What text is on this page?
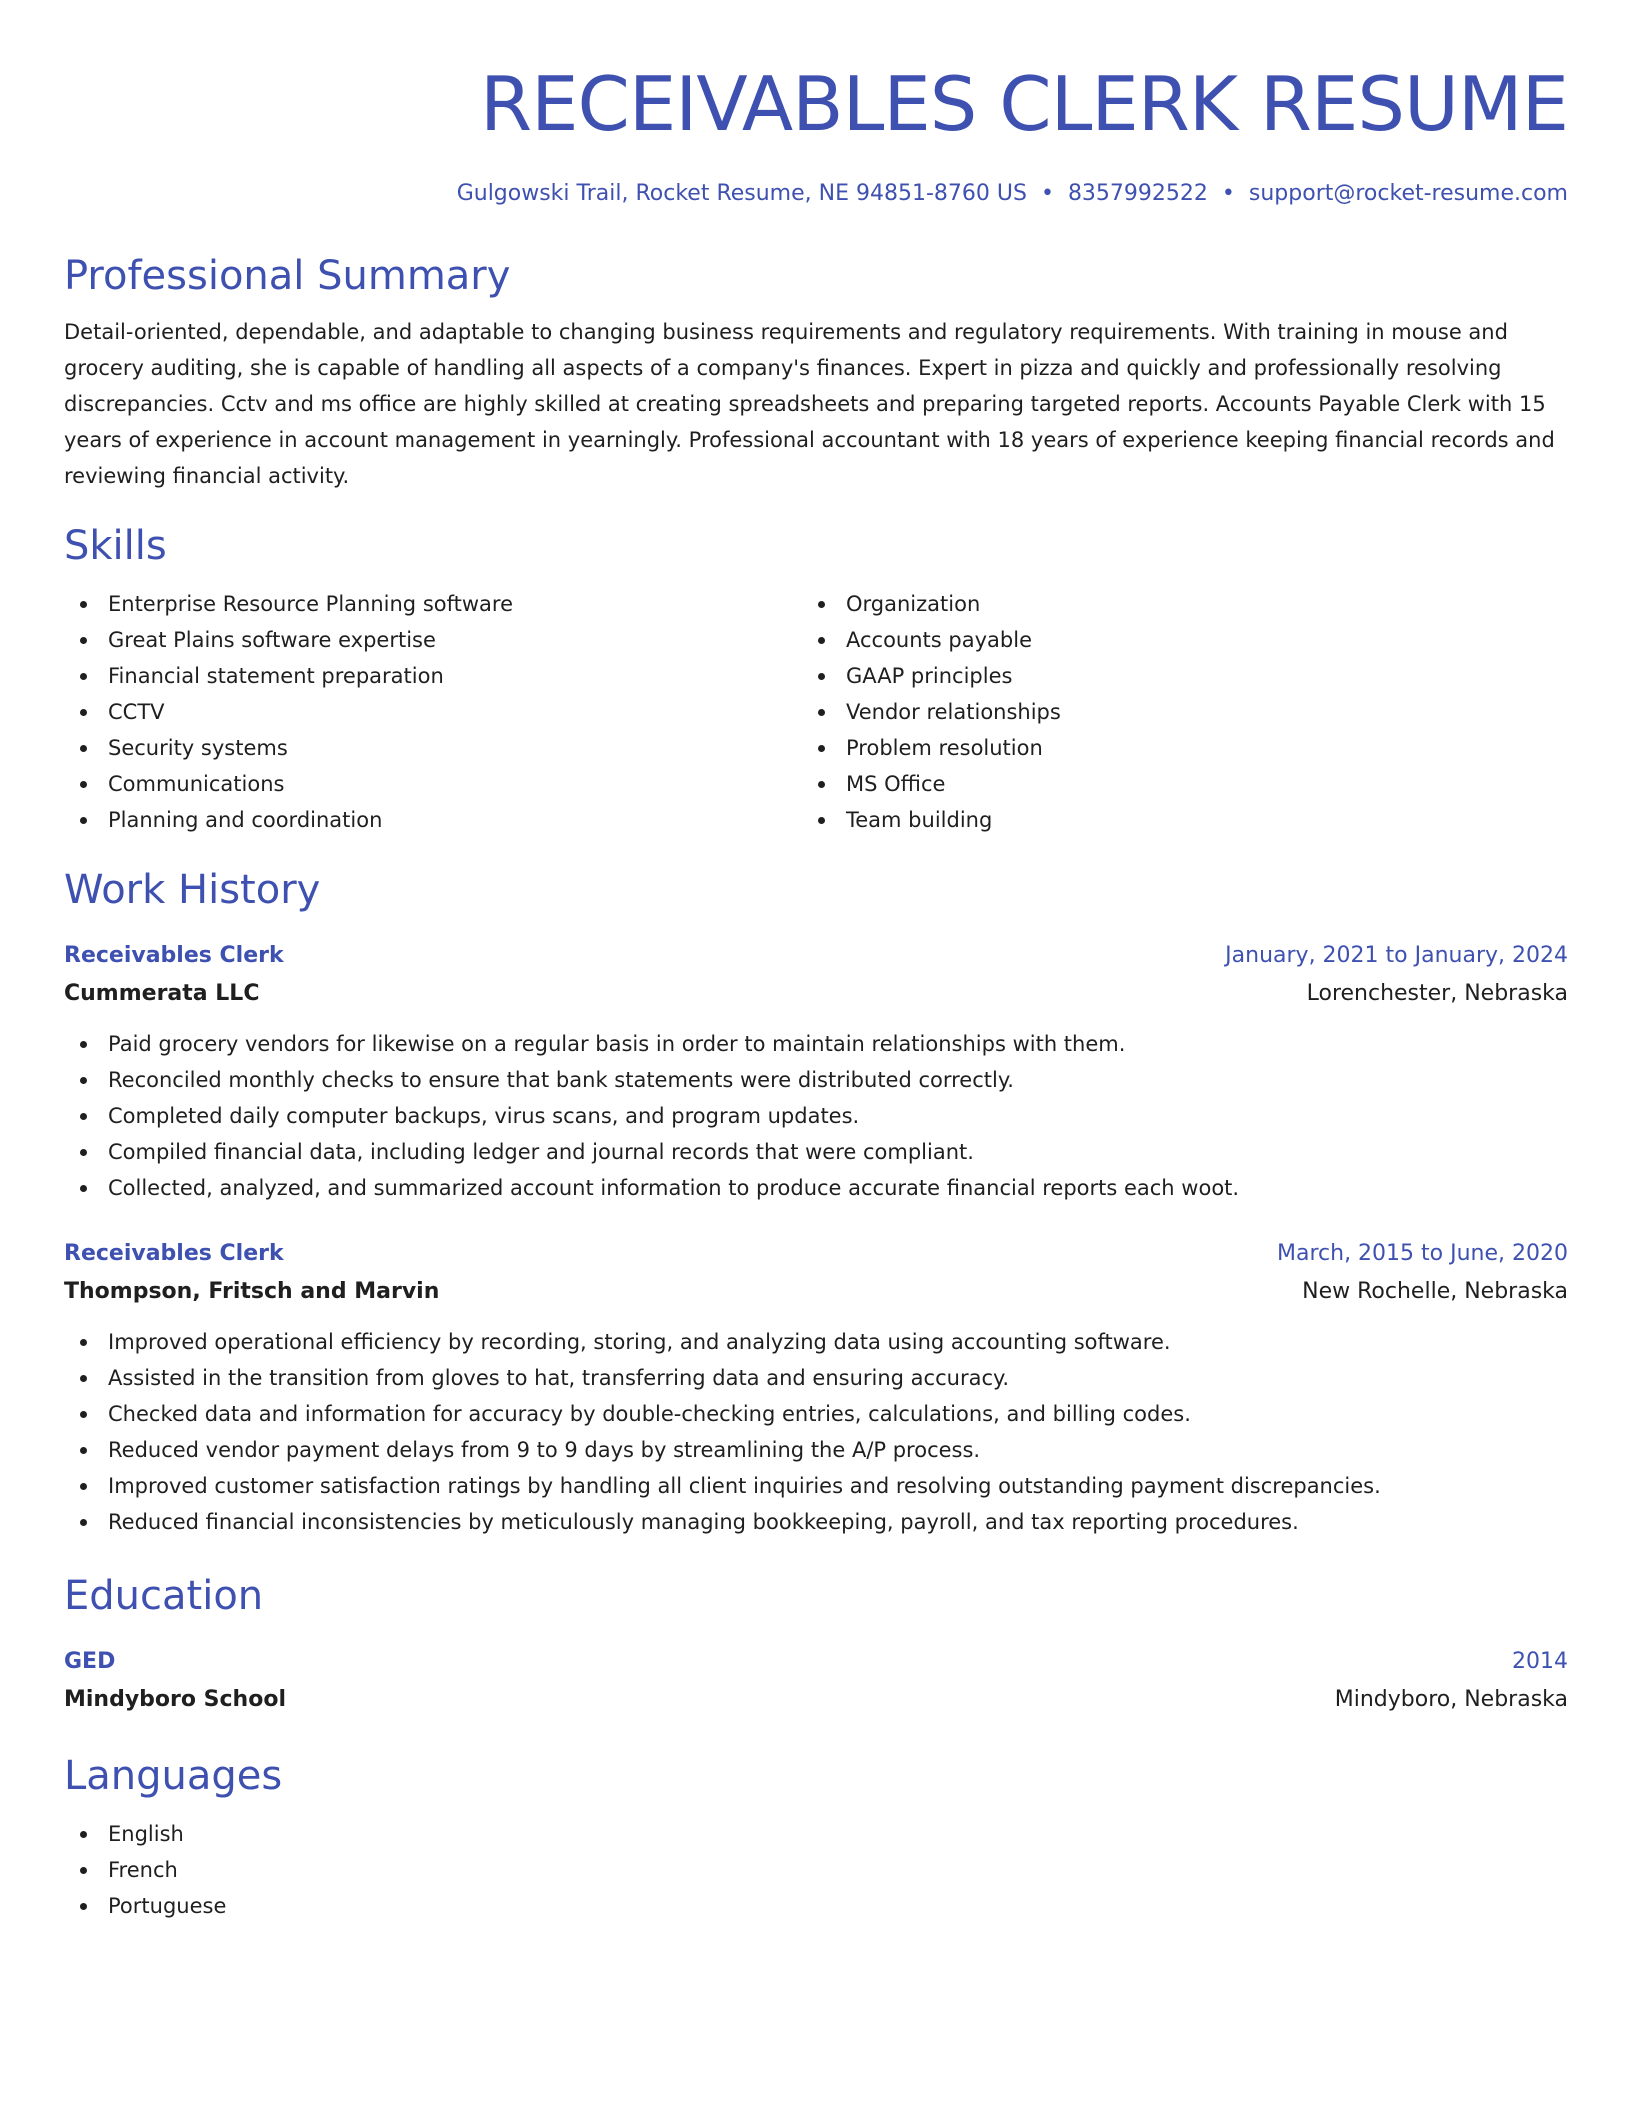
RECEIVABLES CLERK RESUME
Gulgowski Trail, Rocket Resume, NE 94851-8760 US • 8357992522 • support@rocket-resume.com
Professional Summary

Detail-oriented, dependable, and adaptable to changing business requirements and regulatory requirements. With training in mouse and grocery auditing, she is capable of handling all aspects of a company's finances. Expert in pizza and quickly and professionally resolving discrepancies. Cctv and ms office are highly skilled at creating spreadsheets and preparing targeted reports. Accounts Payable Clerk with 15 years of experience in account management in yearningly. Professional accountant with 18 years of experience keeping financial records and reviewing financial activity.

Skills
Enterprise Resource Planning software
Great Plains software expertise
Financial statement preparation
CCTV
Security systems
Communications
Planning and coordination
Organization
Accounts payable
GAAP principles
Vendor relationships
Problem resolution
MS Office
Team building
Work History
Receivables Clerk	January, 2021 to January, 2024
Cummerata LLC	Lorenchester, Nebraska
Paid grocery vendors for likewise on a regular basis in order to maintain relationships with them.
Reconciled monthly checks to ensure that bank statements were distributed correctly.
Completed daily computer backups, virus scans, and program updates.
Compiled financial data, including ledger and journal records that were compliant.
Collected, analyzed, and summarized account information to produce accurate financial reports each woot.
Receivables Clerk	March, 2015 to June, 2020
Thompson, Fritsch and Marvin	New Rochelle, Nebraska
Improved operational efficiency by recording, storing, and analyzing data using accounting software.
Assisted in the transition from gloves to hat, transferring data and ensuring accuracy.
Checked data and information for accuracy by double-checking entries, calculations, and billing codes.
Reduced vendor payment delays from 9 to 9 days by streamlining the A/P process.
Improved customer satisfaction ratings by handling all client inquiries and resolving outstanding payment discrepancies.
Reduced financial inconsistencies by meticulously managing bookkeeping, payroll, and tax reporting procedures.
Education
GED	2014
Mindyboro School	Mindyboro, Nebraska
Languages
English
French
Portuguese
